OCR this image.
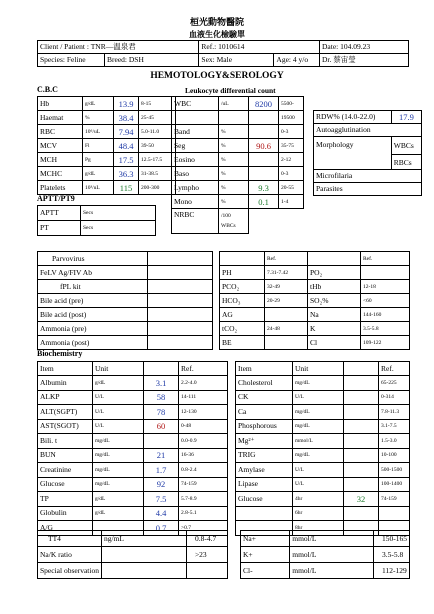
桓光動物醫院
血液生化檢驗單
Client / Patient : TNR—温泉君		Ref.: 1010614		Date: 104.09.23
Species: Feline	Breed: DSH	Sex: Male	Age: 4 y/o	Dr. 蔡宙瑩
HEMOTOLOGY&SEROLOGY
C.B.C	Leukocyte differential count
Hb	g/dL	13.9	8-15
Haemat	%	38.4	25-45
RBC	10⁶/uL	7.94	5.0-11.0
MCV	Fl	48.4	39-50
MCH	Pg	17.5	12.5-17.5
MCHC	g/dL	36.3	31-38.5
Platelets	10³/uL	115	200-300
WBC	/uL	8200	5500-
			19500
Band	%		0-3
Seg	%	90.6	35-75
Eosino	%		2-12
Baso	%		0-3
Lympho	%	9.3	20-55
Mono	%	0.1	1-4
NRBC	/100
WBCs		
RDW% (14.0-22.0)	17.9
Autoagglutination	
Morphology	WBCs
	RBCs
Microfilaria	
Parasites	
APTT/PT9
APTT	Secs
PT	Secs
Parvovirus	
FeLV Ag/FIV Ab	
fPL kit	
Bile acid (pre)	
Bile acid (post)	
Ammonia (pre)	
Ammonia (post)	
	Ref.		Ref.
PH	7.31-7.42	PO₂	
PCO₂	32-49	tHb	12-18
HCO₃	20-29	SO₂%	<60
AG		Na	144-160
tCO₂	24-48	K	3.5-5.8
BE		Cl	109-122
Biochemistry
Item	Unit		Ref.
Albumin	g/dL	3.1	2.2-4.0
ALKP	U/L	58	14-111
ALT(SGPT)	U/L	78	12-130
AST(SGOT)	U/L	60	0-48
Bili. t	mg/dL		0.0-0.9
BUN	mg/dL	21	16-36
Creatinine	mg/dL	1.7	0.8-2.4
Glucose	mg/dL	92	74-159
TP	g/dL	7.5	5.7-8.9
Globulin	g/dL	4.4	2.8-5.1
A/G		0.7	>0.7
Item	Unit		Ref.
Cholesterol	mg/dL		65-225
CK	U/L		0-314
Ca	mg/dL		7.8-11.3
Phosphorous	mg/dL		3.1-7.5
Mg²⁺	mmol/L		1.5-3.0
TRIG	mg/dL		10-100
Amylase	U/L		500-1500
Lipase	U/L		100-1400
Glucose	4hr	32	74-159
	6hr		
	8hr		
TT4	ng/mL	0.8-4.7
Na/K ratio		>23
Special observation		
Na+	mmol/L	150-165
K+	mmol/L	3.5-5.8
Cl-	mmol/L	112-129
